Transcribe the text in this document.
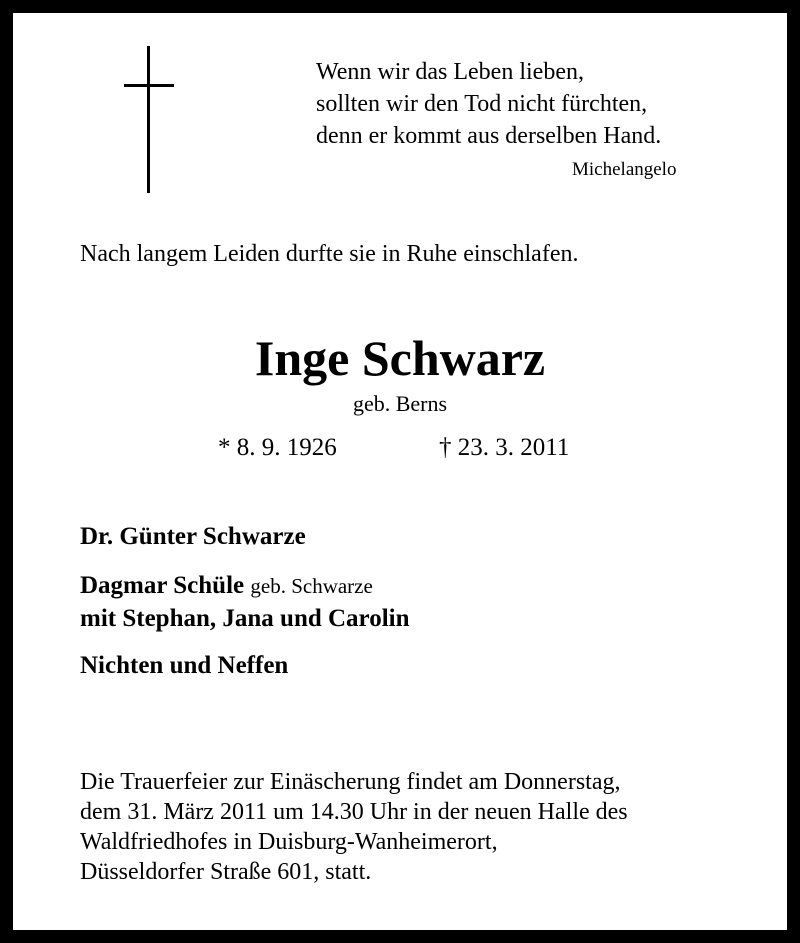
Wenn wir das Leben lieben,
sollten wir den Tod nicht fürchten,
denn er kommt aus derselben Hand.
Michelangelo
Nach langem Leiden durfte sie in Ruhe einschlafen.
Inge Schwarz
geb. Berns
* 8. 9. 1926	† 23. 3. 2011
Dr. Günter Schwarze
Dagmar Schüle geb. Schwarze
mit Stephan, Jana und Carolin
Nichten und Neffen
Die Trauerfeier zur Einäscherung findet am Donnerstag,
dem 31. März 2011 um 14.30 Uhr in der neuen Halle des
Waldfriedhofes in Duisburg-Wanheimerort,
Düsseldorfer Straße 601, statt.
